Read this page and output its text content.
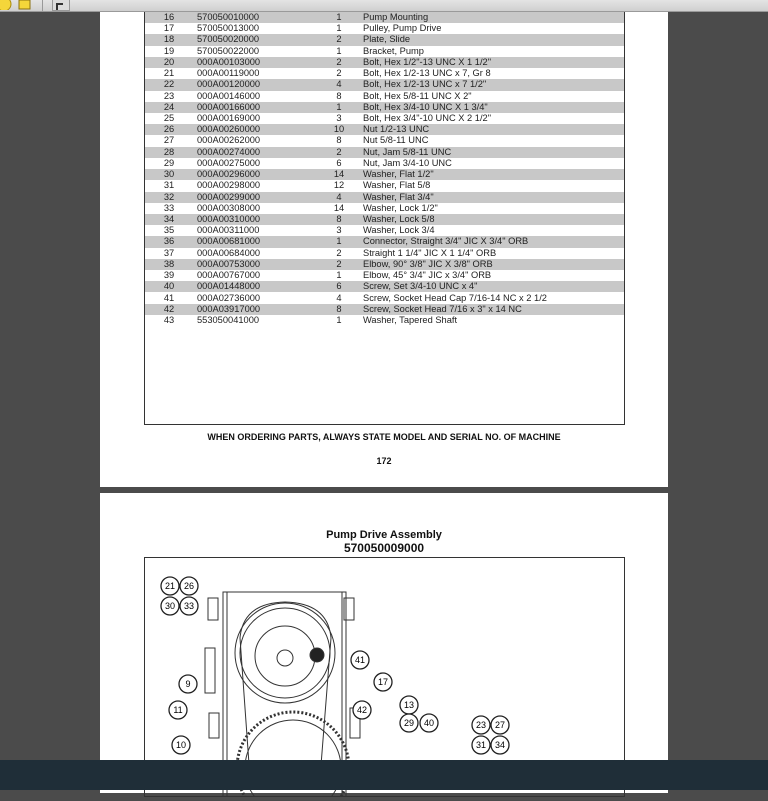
16	570050010000	1	Pump Mounting
17	570050013000	1	Pulley, Pump Drive
18	570050020000	2	Plate, Slide
19	570050022000	1	Bracket, Pump
20	000A00103000	2	Bolt, Hex 1/2"-13 UNC X 1 1/2"
21	000A00119000	2	Bolt, Hex 1/2-13 UNC x 7, Gr 8
22	000A00120000	4	Bolt, Hex 1/2-13 UNC x 7 1/2"
23	000A00146000	8	Bolt, Hex 5/8-11 UNC X 2"
24	000A00166000	1	Bolt, Hex 3/4-10 UNC X 1 3/4"
25	000A00169000	3	Bolt, Hex 3/4"-10 UNC X 2 1/2"
26	000A00260000	10	Nut 1/2-13 UNC
27	000A00262000	8	Nut 5/8-11 UNC
28	000A00274000	2	Nut, Jam 5/8-11 UNC
29	000A00275000	6	Nut, Jam 3/4-10 UNC
30	000A00296000	14	Washer, Flat 1/2"
31	000A00298000	12	Washer, Flat 5/8
32	000A00299000	4	Washer, Flat 3/4"
33	000A00308000	14	Washer, Lock 1/2"
34	000A00310000	8	Washer, Lock 5/8
35	000A00311000	3	Washer, Lock 3/4
36	000A00681000	1	Connector, Straight 3/4" JIC X 3/4" ORB
37	000A00684000	2	Straight 1 1/4" JIC X 1 1/4" ORB
38	000A00753000	2	Elbow, 90° 3/8" JIC X 3/8" ORB
39	000A00767000	1	Elbow, 45° 3/4" JIC x 3/4" ORB
40	000A01448000	6	Screw, Set 3/4-10 UNC x 4"
41	000A02736000	4	Screw, Socket Head Cap 7/16-14 NC x 2 1/2
42	000A03917000	8	Screw, Socket Head 7/16 x 3" x 14 NC
43	553050041000	1	Washer, Tapered Shaft
WHEN ORDERING PARTS, ALWAYS STATE MODEL AND SERIAL NO. OF MACHINE
172
Pump Drive Assembly
570050009000
21 26
30 33
9
11
10
41
17
42	13
29 40	23 27
31 34
